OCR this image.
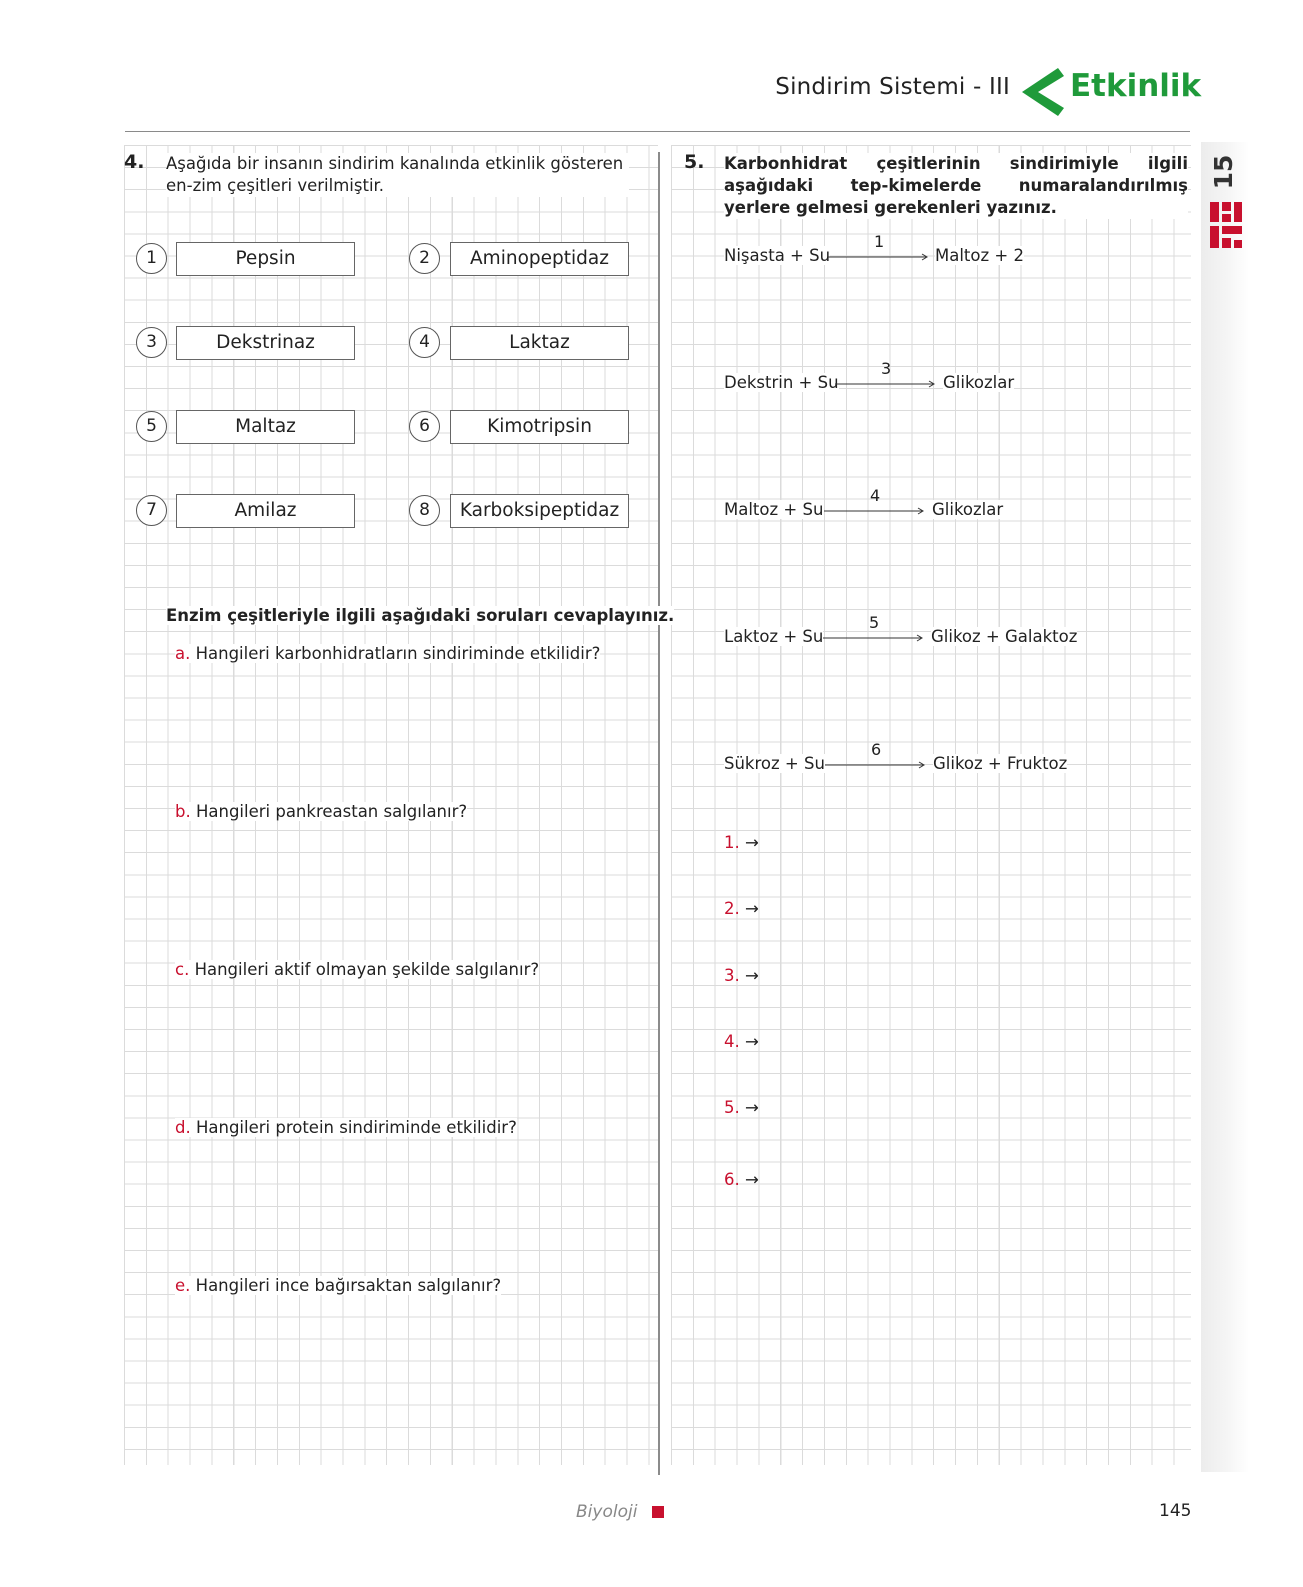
Sindirim Sistemi - III Etkinlik
15
4. Aşağıda bir insanın sindirim kanalında etkinlik gösteren en-zim çeşitleri verilmiştir.
1	Pepsin	2	Aminopeptidaz
3	Dekstrinaz	4	Laktaz
5	Maltaz	6	Kimotripsin
7	Amilaz	8	Karboksipeptidaz
Enzim çeşitleriyle ilgili aşağıdaki soruları cevaplayınız.
a. Hangileri karbonhidratların sindiriminde etkilidir?
b. Hangileri pankreastan salgılanır?
c. Hangileri aktif olmayan şekilde salgılanır?
d. Hangileri protein sindiriminde etkilidir?
e. Hangileri ince bağırsaktan salgılanır?
5. Karbonhidrat çeşitlerinin sindirimiyle ilgili aşağıdaki tep-kimelerde numaralandırılmış yerlere gelmesi gerekenleri yazınız.
Nişasta + Su
1
Maltoz + 2
Dekstrin + Su
3
Glikozlar
Maltoz + Su
4
Glikozlar
Laktoz + Su
5
Glikoz + Galaktoz
Sükroz + Su
6
Glikoz + Fruktoz
1. →
2. →
3. →
4. →
5. →
6. →
Biyoloji	145
